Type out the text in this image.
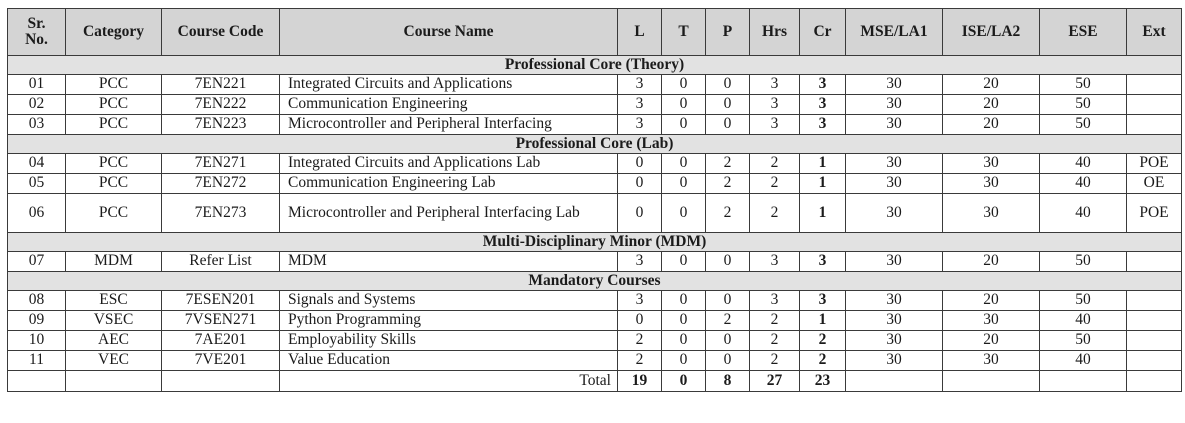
Sr.
No.	Category	Course Code	Course Name	L	T	P	Hrs	Cr	MSE/LA1	ISE/LA2	ESE	Ext
Professional Core (Theory)												
01	PCC	7EN221	Integrated Circuits and Applications	3	0	0	3	3	30	20	50	
02	PCC	7EN222	Communication Engineering	3	0	0	3	3	30	20	50	
03	PCC	7EN223	Microcontroller and Peripheral Interfacing	3	0	0	3	3	30	20	50	
Professional Core (Lab)												
04	PCC	7EN271	Integrated Circuits and Applications Lab	0	0	2	2	1	30	30	40	POE
05	PCC	7EN272	Communication Engineering Lab	0	0	2	2	1	30	30	40	OE
06	PCC	7EN273	Microcontroller and Peripheral Interfacing Lab	0	0	2	2	1	30	30	40	POE
Multi-Disciplinary Minor (MDM)												
07	MDM	Refer List	MDM	3	0	0	3	3	30	20	50	
Mandatory Courses												
08	ESC	7ESEN201	Signals and Systems	3	0	0	3	3	30	20	50	
09	VSEC	7VSEN271	Python Programming	0	0	2	2	1	30	30	40	
10	AEC	7AE201	Employability Skills	2	0	0	2	2	30	20	50	
11	VEC	7VE201	Value Education	2	0	0	2	2	30	30	40	
			Total	19	0	8	27	23				
